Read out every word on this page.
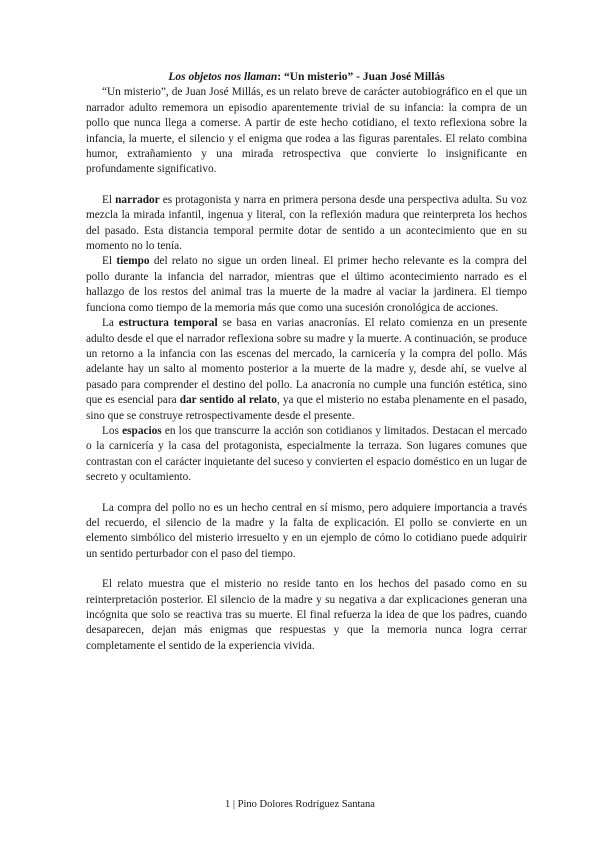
Los objetos nos llaman: “Un misterio” - Juan José Millás

“Un misterio”, de Juan José Millás, es un relato breve de carácter autobiográfico en el que un narrador adulto rememora un episodio aparentemente trivial de su infancia: la compra de un pollo que nunca llega a comerse. A partir de este hecho cotidiano, el texto reflexiona sobre la infancia, la muerte, el silencio y el enigma que rodea a las figuras parentales. El relato combina humor, extrañamiento y una mirada retrospectiva que convierte lo insignificante en profundamente significativo.

El narrador es protagonista y narra en primera persona desde una perspectiva adulta. Su voz mezcla la mirada infantil, ingenua y literal, con la reflexión madura que reinterpreta los hechos del pasado. Esta distancia temporal permite dotar de sentido a un acontecimiento que en su momento no lo tenía.

El tiempo del relato no sigue un orden lineal. El primer hecho relevante es la compra del pollo durante la infancia del narrador, mientras que el último acontecimiento narrado es el hallazgo de los restos del animal tras la muerte de la madre al vaciar la jardinera. El tiempo funciona como tiempo de la memoria más que como una sucesión cronológica de acciones.

La estructura temporal se basa en varias anacronías. El relato comienza en un presente adulto desde el que el narrador reflexiona sobre su madre y la muerte. A continuación, se produce un retorno a la infancia con las escenas del mercado, la carnicería y la compra del pollo. Más adelante hay un salto al momento posterior a la muerte de la madre y, desde ahí, se vuelve al pasado para comprender el destino del pollo. La anacronía no cumple una función estética, sino que es esencial para dar sentido al relato, ya que el misterio no estaba plenamente en el pasado, sino que se construye retrospectivamente desde el presente.

Los espacios en los que transcurre la acción son cotidianos y limitados. Destacan el mercado o la carnicería y la casa del protagonista, especialmente la terraza. Son lugares comunes que contrastan con el carácter inquietante del suceso y convierten el espacio doméstico en un lugar de secreto y ocultamiento.

La compra del pollo no es un hecho central en sí mismo, pero adquiere importancia a través del recuerdo, el silencio de la madre y la falta de explicación. El pollo se convierte en un elemento simbólico del misterio irresuelto y en un ejemplo de cómo lo cotidiano puede adquirir un sentido perturbador con el paso del tiempo.

El relato muestra que el misterio no reside tanto en los hechos del pasado como en su reinterpretación posterior. El silencio de la madre y su negativa a dar explicaciones generan una incógnita que solo se reactiva tras su muerte. El final refuerza la idea de que los padres, cuando desaparecen, dejan más enigmas que respuestas y que la memoria nunca logra cerrar completamente el sentido de la experiencia vivida.

1 | Pino Dolores Rodríguez Santana
